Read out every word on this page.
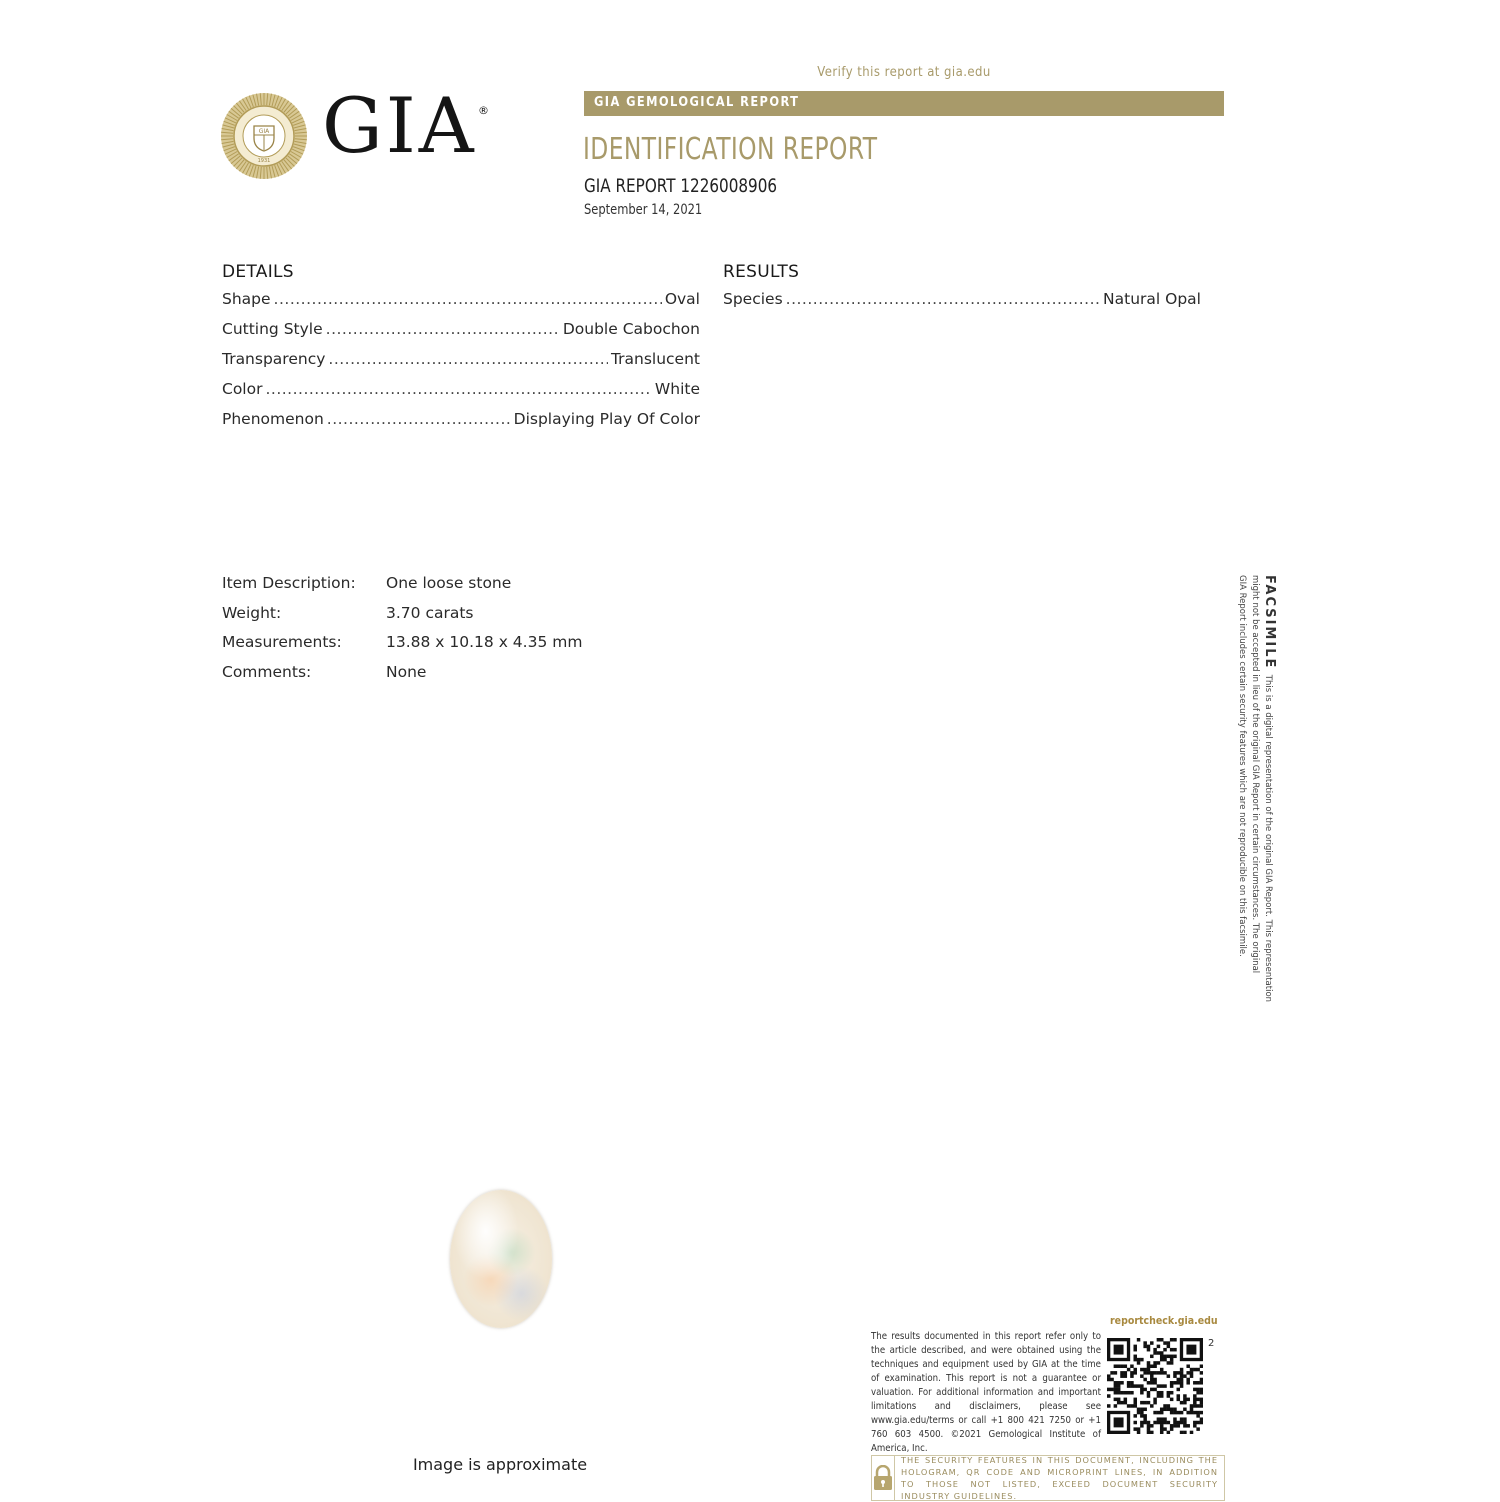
Verify this report at gia.edu
GIA GEMOLOGICAL REPORT
IDENTIFICATION REPORT
GIA REPORT 1226008906
September 14, 2021
GIA
1931 GIA ®
DETAILS
Shape .....	Oval
Cutting Style .....	Double Cabochon
Transparency .....	Translucent
Color .....	White
Phenomenon .....	Displaying Play Of Color
RESULTS
Species .....	Natural Opal
Item Description:	One loose stone
Weight:	3.70 carats
Measurements:	13.88 x 10.18 x 4.35 mm
Comments:	None
FACSIMILE  This is a digital representation of the original GIA Report. This representation
might not be accepted in lieu of the original GIA Report in certain circumstances. The original
GIA Report includes certain security features which are not reproducible on this facsimile.
Image is approximate
reportcheck.gia.edu
The results documented in this report refer only to the article described, and were obtained using the techniques and equipment used by GIA at the time of examination. This report is not a guarantee or valuation. For additional information and important limitations and disclaimers, please see www.gia.edu/terms or call +1 800 421 7250 or +1 760 603 4500. ©2021 Gemological Institute of America, Inc.
2
THE SECURITY FEATURES IN THIS DOCUMENT, INCLUDING THE HOLOGRAM, QR CODE AND MICROPRINT LINES, IN ADDITION TO THOSE NOT LISTED, EXCEED DOCUMENT SECURITY INDUSTRY GUIDELINES.
